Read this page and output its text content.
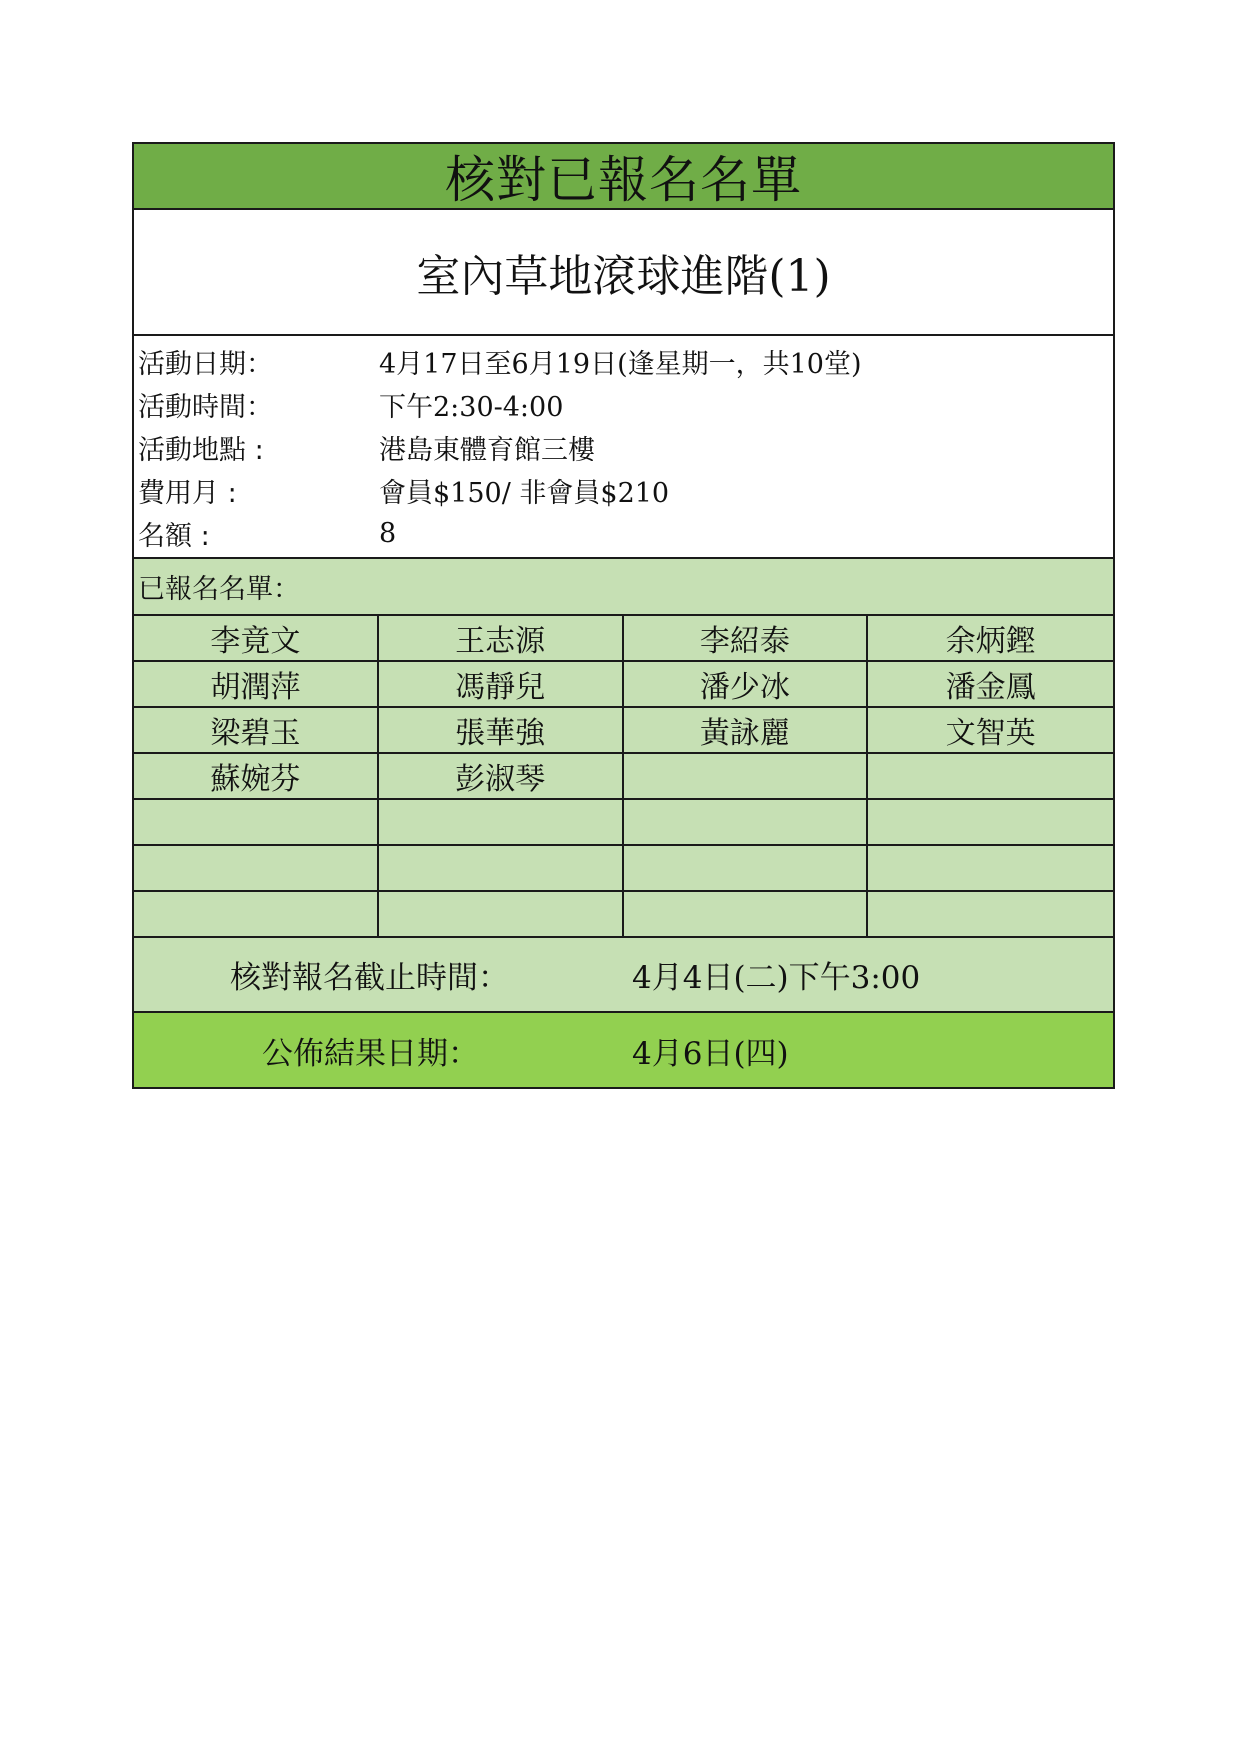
核對已報名名單
室內草地滾球進階(1)
活動日期：	4月17日至6月19日(逢星期一，共10堂)
活動時間：	下午2:30-4:00
活動地點 :	港島東體育館三樓
費用月 :	會員$150/ 非會員$210
名額 :	8
已報名名單：
李竟文	王志源	李紹泰	余炳鏗
胡潤萍	馮靜兒	潘少冰	潘金鳳
梁碧玉	張華強	黃詠麗	文智英
蘇婉芬	彭淑琴
核對報名截止時間：	4月4日(二)下午3:00
公佈結果日期：	4月6日(四)
